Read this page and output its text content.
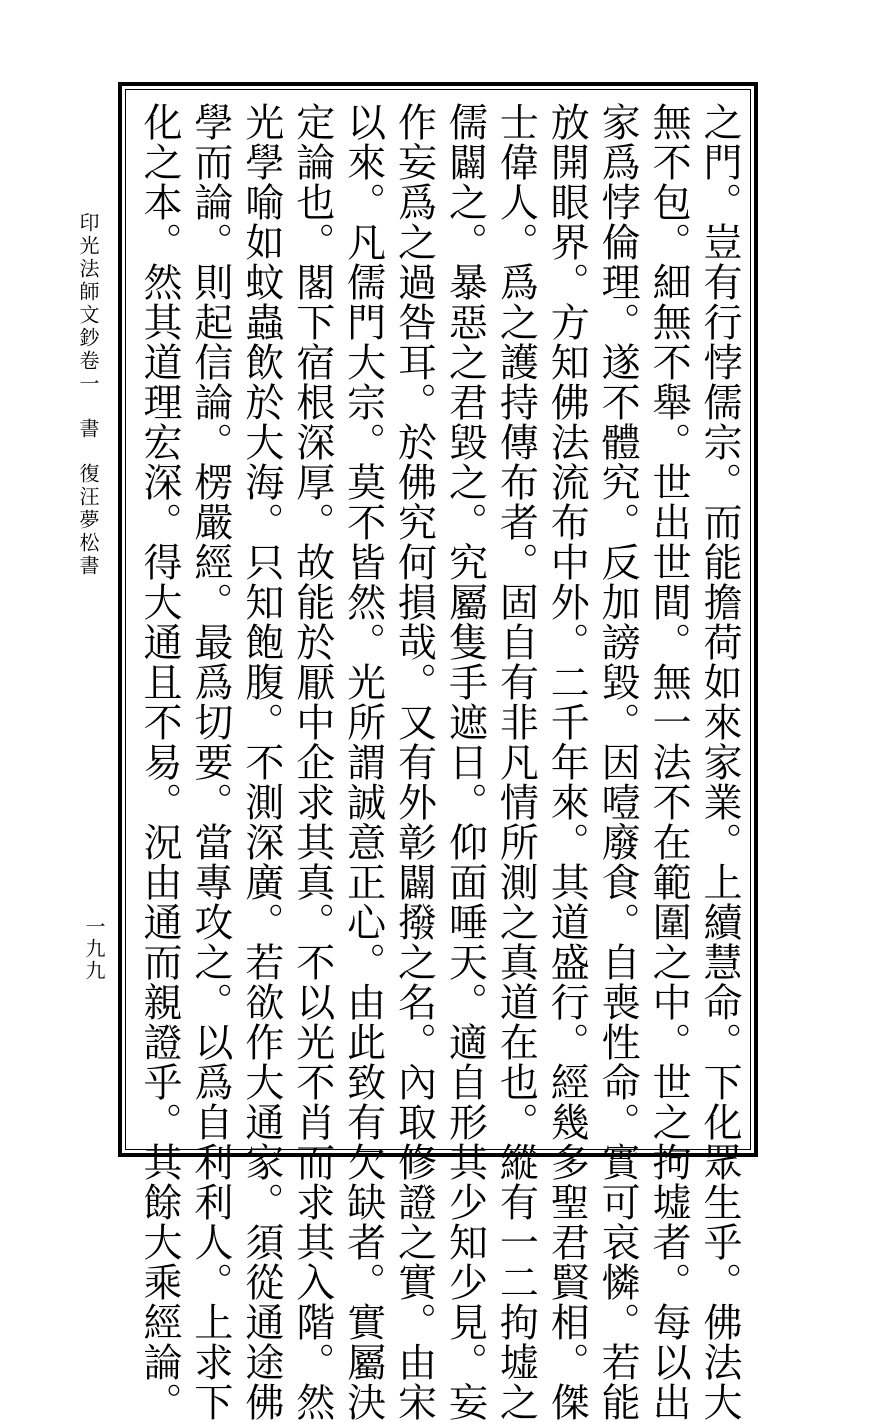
之門。豈有行悖儒宗。而能擔荷如來家業。上續慧命。下化眾生乎。佛法大
無不包。細無不舉。世出世間。無一法不在範圍之中。世之拘墟者。每以出
家爲悖倫理。遂不體究。反加謗毀。因噎廢食。自喪性命。實可哀憐。若能
放開眼界。方知佛法流布中外。二千年來。其道盛行。經幾多聖君賢相。傑
士偉人。爲之護持傳布者。固自有非凡情所測之真道在也。縱有一二拘墟之
儒闢之。暴惡之君毀之。究屬隻手遮日。仰面唾天。適自形其少知少見。妄
作妄爲之過咎耳。於佛究何損哉。又有外彰闢撥之名。內取修證之實。由宋
以來。凡儒門大宗。莫不皆然。光所謂誠意正心。由此致有欠缺者。實屬決
定論也。閣下宿根深厚。故能於厭中企求其真。不以光不肖而求其入階。然
光學喻如蚊蟲飲於大海。只知飽腹。不測深廣。若欲作大通家。須從通途佛
學而論。則起信論。楞嚴經。最爲切要。當專攻之。以爲自利利人。上求下
化之本。然其道理宏深。得大通且不易。況由通而親證乎。其餘大乘經論。
印光法師文鈔卷一書復汪夢松書
一九九
